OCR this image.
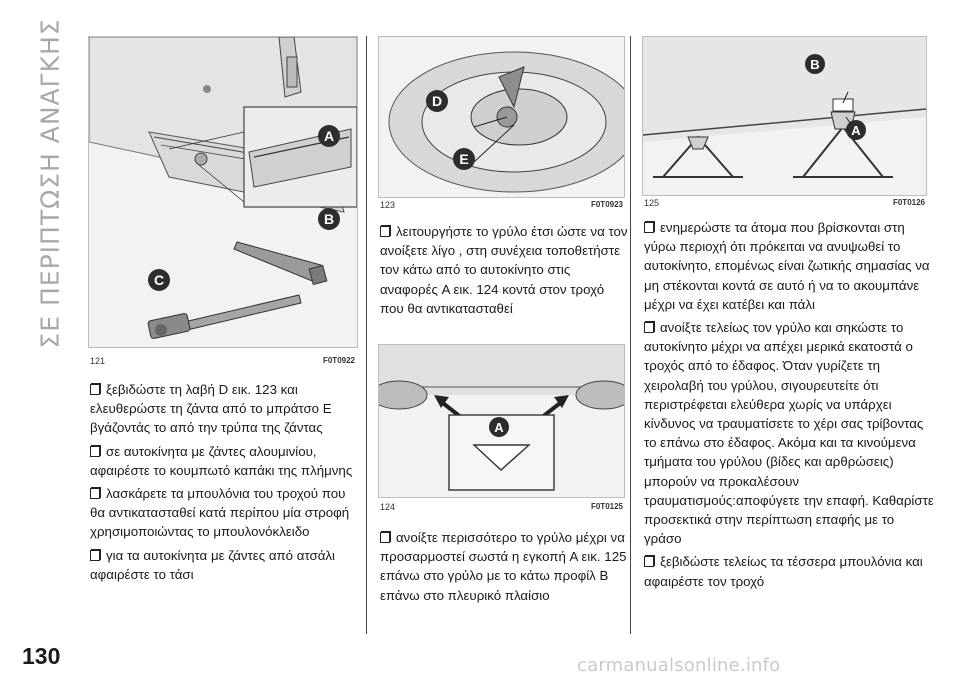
ΣΕ ΠΕΡΙΠΤΩΣΗ ΑΝΑΓΚΗΣ	A
B
C
121	F0T0922

ξεβιδώστε τη λαβή D εικ. 123 και ελευθερώστε τη ζάντα από το μπράτσο E βγάζοντάς το από την τρύπα της ζάντας

σε αυτοκίνητα με ζάντες αλουμινίου, αφαιρέστε το κουμπωτό καπάκι της πλήμνης

λασκάρετε τα μπουλόνια του τροχού που θα αντικατασταθεί κατά περίπου μία στροφή χρησιμοποιώντας το μπουλονόκλειδο

για τα αυτοκίνητα με ζάντες από ατσάλι αφαιρέστε το τάσι

D
E
123	F0T0923

λειτουργήστε το γρύλο έτσι ώστε να τον ανοίξετε λίγο , στη συνέχεια τοποθετήστε τον κάτω από το αυτοκίνητο στις αναφορές A εικ. 124 κοντά στον τροχό που θα αντικατασταθεί

A
124	F0T0125

ανοίξτε περισσότερο το γρύλο μέχρι να προσαρμοστεί σωστά η εγκοπή A εικ. 125 επάνω στο γρύλο με το κάτω προφίλ B επάνω στο πλευρικό πλαίσιο

B
A
125	F0T0126

ενημερώστε τα άτομα που βρίσκονται στη γύρω περιοχή ότι πρόκειται να ανυψωθεί το αυτοκίνητο, επομένως είναι ζωτικής σημασίας να μη στέκονται κοντά σε αυτό ή να το ακουμπάνε μέχρι να έχει κατέβει και πάλι

ανοίξτε τελείως τον γρύλο και σηκώστε το αυτοκίνητο μέχρι να απέχει μερικά εκατοστά ο τροχός από το έδαφος. Όταν γυρίζετε τη χειρολαβή του γρύλου, σιγουρευτείτε ότι περιστρέφεται ελεύθερα χωρίς να υπάρχει κίνδυνος να τραυματίσετε το χέρι σας τρίβοντας το επάνω στο έδαφος. Ακόμα και τα κινούμενα τμήματα του γρύλου (βίδες και αρθρώσεις) μπορούν να προκαλέσουν τραυματισμούς:αποφύγετε την επαφή. Καθαρίστε προσεκτικά στην περίπτωση επαφής με το γράσο

ξεβιδώστε τελείως τα τέσσερα μπουλόνια και αφαιρέστε τον τροχό

130	carmanualsonline.info
